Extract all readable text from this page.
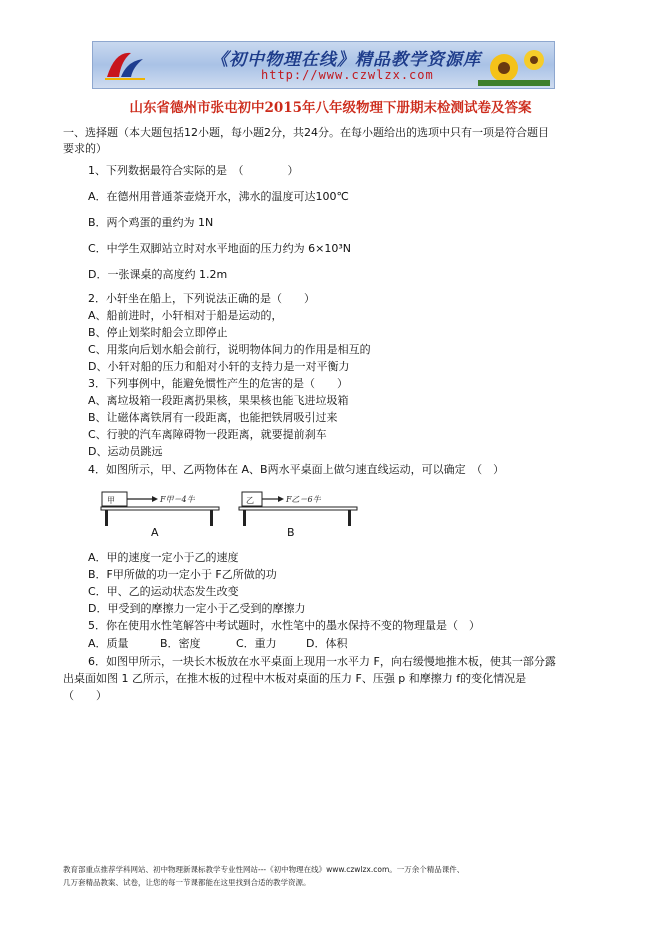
《初中物理在线》精品教学资源库
http://www.czwlzx.com
山东省德州市张屯初中2015年八年级物理下册期末检测试卷及答案
一、选择题（本大题包括12小题，每小题2分，共24分。在每小题给出的选项中只有一项是符合题目
要求的）
1、下列数据最符合实际的是　（　　　　）
A．在德州用普通茶壶烧开水，沸水的温度可达100℃
B．两个鸡蛋的重约为 1N
C．中学生双脚站立时对水平地面的压力约为 6×10³N
D．一张课桌的高度约 1.2m
2．小轩坐在船上，下列说法正确的是（　　）
A、船前进时，小轩相对于船是运动的，
B、停止划桨时船会立即停止
C、用浆向后划水船会前行，说明物体间力的作用是相互的
D、小轩对船的压力和船对小轩的支持力是一对平衡力
3．下列事例中，能避免惯性产生的危害的是（　　）
A、离垃圾箱一段距离扔果核，果果核也能飞进垃圾箱
B、让磁体离铁屑有一段距离，也能把铁屑吸引过来
C、行驶的汽车离障碍物一段距离，就要提前刹车
D、运动员跳远
4．如图所示，甲、乙两物体在 A、B两水平桌面上做匀速直线运动，可以确定　（　）
甲	F甲＝4牛
A
乙	F乙＝6牛
B
A．甲的速度一定小于乙的速度
B．F甲所做的功一定小于 F乙所做的功
C．甲、乙的运动状态发生改变
D．甲受到的摩擦力一定小于乙受到的摩擦力
5．你在使用水性笔解答中考试题时，水性笔中的墨水保持不变的物理量是（　）
A．质量	B．密度	C．重力	D．体积
6．如图甲所示，一块长木板放在水平桌面上现用一水平力 F，向右缓慢地推木板，使其一部分露
出桌面如图 1 乙所示，在推木板的过程中木板对桌面的压力 F、压强 p 和摩擦力 f的变化情况是
（　　）
教育部重点推荐学科网站、初中物理新课标教学专业性网站---《初中物理在线》www.czwlzx.com。一万余个精品课件、
几万套精品教案、试卷，让您的每一节课都能在这里找到合适的教学资源。
